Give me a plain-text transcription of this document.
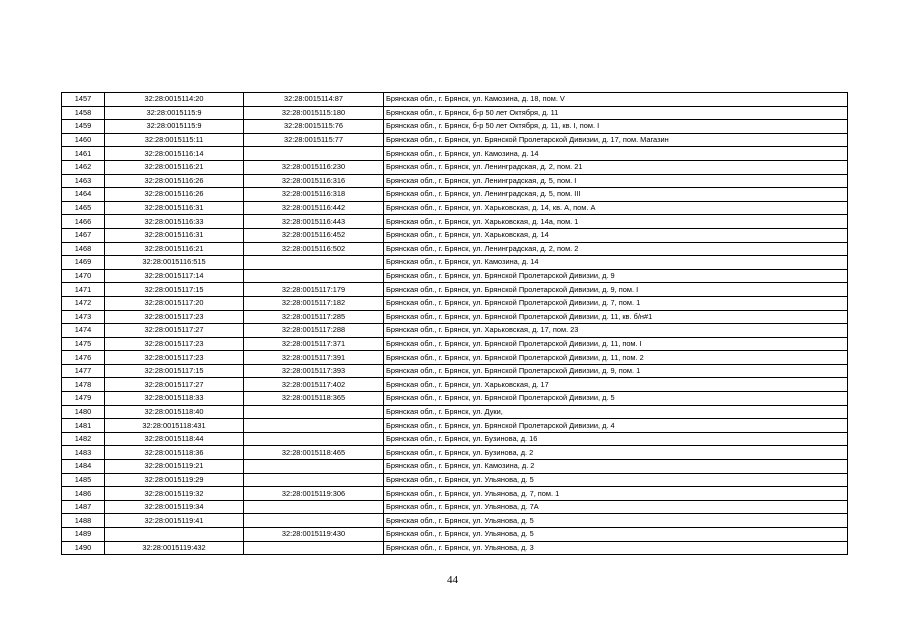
1457	32:28:0015114:20	32:28:0015114:87	Брянская обл., г. Брянск, ул. Камозина, д. 18, пом. V
1458	32:28:0015115:9	32:28:0015115:180	Брянская обл., г. Брянск, б-р 50 лет Октября, д. 11
1459	32:28:0015115:9	32:28:0015115:76	Брянская обл., г. Брянск, б-р 50 лет Октября, д. 11, кв. I, пом. I
1460	32:28:0015115:11	32:28:0015115:77	Брянская обл., г. Брянск, ул. Брянской Пролетарской Дивизии, д. 17, пом. Магазин
1461	32:28:0015116:14		Брянская обл., г. Брянск, ул. Камозина, д. 14
1462	32:28:0015116:21	32:28:0015116:230	Брянская обл., г. Брянск, ул. Ленинградская, д. 2, пом. 21
1463	32:28:0015116:26	32:28:0015116:316	Брянская обл., г. Брянск, ул. Ленинградская, д. 5, пом. I
1464	32:28:0015116:26	32:28:0015116:318	Брянская обл., г. Брянск, ул. Ленинградская, д. 5, пом. III
1465	32:28:0015116:31	32:28:0015116:442	Брянская обл., г. Брянск, ул. Харьковская, д. 14, кв. А, пом. А
1466	32:28:0015116:33	32:28:0015116:443	Брянская обл., г. Брянск, ул. Харьковская, д. 14а, пом. 1
1467	32:28:0015116:31	32:28:0015116:452	Брянская обл., г. Брянск, ул. Харьковская, д. 14
1468	32:28:0015116:21	32:28:0015116:502	Брянская обл., г. Брянск, ул. Ленинградская, д. 2, пом. 2
1469	32:28:0015116:515		Брянская обл., г. Брянск, ул. Камозина, д. 14
1470	32:28:0015117:14		Брянская обл., г. Брянск, ул. Брянской Пролетарской Дивизии, д. 9
1471	32:28:0015117:15	32:28:0015117:179	Брянская обл., г. Брянск, ул. Брянской Пролетарской Дивизии, д. 9, пом. I
1472	32:28:0015117:20	32:28:0015117:182	Брянская обл., г. Брянск, ул. Брянской Пролетарской Дивизии, д. 7, пом. 1
1473	32:28:0015117:23	32:28:0015117:285	Брянская обл., г. Брянск, ул. Брянской Пролетарской Дивизии, д. 11, кв. б/н#1
1474	32:28:0015117:27	32:28:0015117:288	Брянская обл., г. Брянск, ул. Харьковская, д. 17, пом. 23
1475	32:28:0015117:23	32:28:0015117:371	Брянская обл., г. Брянск, ул. Брянской Пролетарской Дивизии, д. 11, пом. I
1476	32:28:0015117:23	32:28:0015117:391	Брянская обл., г. Брянск, ул. Брянской Пролетарской Дивизии, д. 11, пом. 2
1477	32:28:0015117:15	32:28:0015117:393	Брянская обл., г. Брянск, ул. Брянской Пролетарской Дивизии, д. 9, пом. 1
1478	32:28:0015117:27	32:28:0015117:402	Брянская обл., г. Брянск, ул. Харьковская, д. 17
1479	32:28:0015118:33	32:28:0015118:365	Брянская обл., г. Брянск, ул. Брянской Пролетарской Дивизии, д. 5
1480	32:28:0015118:40		Брянская обл., г. Брянск, ул. Дуки,
1481	32:28:0015118:431		Брянская обл., г. Брянск, ул. Брянской Пролетарской Дивизии, д. 4
1482	32:28:0015118:44		Брянская обл., г. Брянск, ул. Бузинова, д. 16
1483	32:28:0015118:36	32:28:0015118:465	Брянская обл., г. Брянск, ул. Бузинова, д. 2
1484	32:28:0015119:21		Брянская обл., г. Брянск, ул. Камозина, д. 2
1485	32:28:0015119:29		Брянская обл., г. Брянск, ул. Ульянова, д. 5
1486	32:28:0015119:32	32:28:0015119:306	Брянская обл., г. Брянск, ул. Ульянова, д. 7, пом. 1
1487	32:28:0015119:34		Брянская обл., г. Брянск, ул. Ульянова, д. 7А
1488	32:28:0015119:41		Брянская обл., г. Брянск, ул. Ульянова, д. 5
1489		32:28:0015119:430	Брянская обл., г. Брянск, ул. Ульянова, д. 5
1490	32:28:0015119:432		Брянская обл., г. Брянск, ул. Ульянова, д. 3
44
